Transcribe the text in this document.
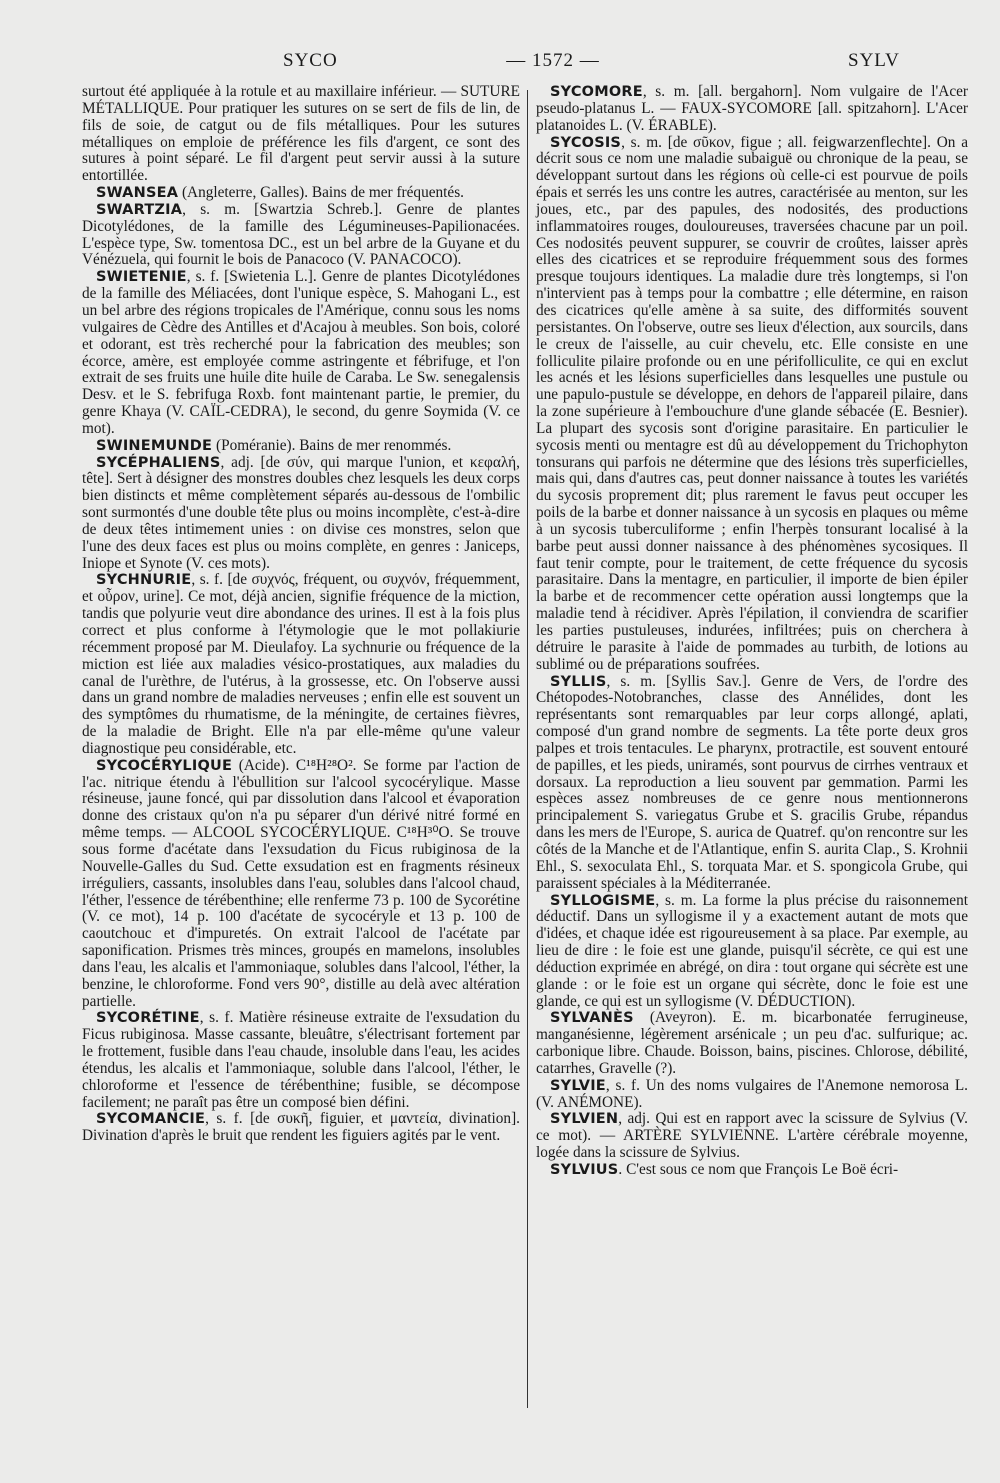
SYCO	— 1572 —	SYLV

surtout été appliquée à la rotule et au maxillaire inférieur. — SUTURE MÉTALLIQUE. Pour pratiquer les sutures on se sert de fils de lin, de fils de soie, de catgut ou de fils métalliques. Pour les sutures métalliques on emploie de préférence les fils d'argent, ce sont des sutures à point séparé. Le fil d'argent peut servir aussi à la suture entortillée.

SWANSEA (Angleterre, Galles). Bains de mer fréquentés.

SWARTZIA, s. m. [Swartzia Schreb.]. Genre de plantes Dicotylédones, de la famille des Légumineuses-Papilionacées. L'espèce type, Sw. tomentosa DC., est un bel arbre de la Guyane et du Vénézuela, qui fournit le bois de Panacoco (V. PANACOCO).

SWIETENIE, s. f. [Swietenia L.]. Genre de plantes Dicotylédones de la famille des Méliacées, dont l'unique espèce, S. Mahogani L., est un bel arbre des régions tropicales de l'Amérique, connu sous les noms vulgaires de Cèdre des Antilles et d'Acajou à meubles. Son bois, coloré et odorant, est très recherché pour la fabrication des meubles; son écorce, amère, est employée comme astringente et fébrifuge, et l'on extrait de ses fruits une huile dite huile de Caraba. Le Sw. senegalensis Desv. et le S. febrifuga Roxb. font maintenant partie, le premier, du genre Khaya (V. CAÏL-CEDRA), le second, du genre Soymida (V. ce mot).

SWINEMUNDE (Poméranie). Bains de mer renommés.

SYCÉPHALIENS, adj. [de σύν, qui marque l'union, et κεφαλή, tête]. Sert à désigner des monstres doubles chez lesquels les deux corps bien distincts et même complètement séparés au-dessous de l'ombilic sont surmontés d'une double tête plus ou moins incomplète, c'est-à-dire de deux têtes intimement unies : on divise ces monstres, selon que l'une des deux faces est plus ou moins complète, en genres : Janiceps, Iniope et Synote (V. ces mots).

SYCHNURIE, s. f. [de συχνός, fréquent, ou συχνόν, fréquemment, et οὖρον, urine]. Ce mot, déjà ancien, signifie fréquence de la miction, tandis que polyurie veut dire abondance des urines. Il est à la fois plus correct et plus conforme à l'étymologie que le mot pollakiurie récemment proposé par M. Dieulafoy. La sychnurie ou fréquence de la miction est liée aux maladies vésico-prostatiques, aux maladies du canal de l'urèthre, de l'utérus, à la grossesse, etc. On l'observe aussi dans un grand nombre de maladies nerveuses ; enfin elle est souvent un des symptômes du rhumatisme, de la méningite, de certaines fièvres, de la maladie de Bright. Elle n'a par elle-même qu'une valeur diagnostique peu considérable, etc.

SYCOCÉRYLIQUE (Acide). C¹⁸H²⁸O². Se forme par l'action de l'ac. nitrique étendu à l'ébullition sur l'alcool sycocérylique. Masse résineuse, jaune foncé, qui par dissolution dans l'alcool et évaporation donne des cristaux qu'on n'a pu séparer d'un dérivé nitré formé en même temps. — ALCOOL SYCOCÉRYLIQUE. C¹⁸H³⁰O. Se trouve sous forme d'acétate dans l'exsudation du Ficus rubiginosa de la Nouvelle-Galles du Sud. Cette exsudation est en fragments résineux irréguliers, cassants, insolubles dans l'eau, solubles dans l'alcool chaud, l'éther, l'essence de térébenthine; elle renferme 73 p. 100 de Sycorétine (V. ce mot), 14 p. 100 d'acétate de sycocéryle et 13 p. 100 de caoutchouc et d'impuretés. On extrait l'alcool de l'acétate par saponification. Prismes très minces, groupés en mamelons, insolubles dans l'eau, les alcalis et l'ammoniaque, solubles dans l'alcool, l'éther, la benzine, le chloroforme. Fond vers 90°, distille au delà avec altération partielle.

SYCORÉTINE, s. f. Matière résineuse extraite de l'exsudation du Ficus rubiginosa. Masse cassante, bleuâtre, s'électrisant fortement par le frottement, fusible dans l'eau chaude, insoluble dans l'eau, les acides étendus, les alcalis et l'ammoniaque, soluble dans l'alcool, l'éther, le chloroforme et l'essence de térébenthine; fusible, se décompose facilement; ne paraît pas être un composé bien défini.

SYCOMANCIE, s. f. [de συκῆ, figuier, et μαντεία, divination]. Divination d'après le bruit que rendent les figuiers agités par le vent.

SYCOMORE, s. m. [all. bergahorn]. Nom vulgaire de l'Acer pseudo-platanus L. — FAUX-SYCOMORE [all. spitzahorn]. L'Acer platanoides L. (V. ÉRABLE).

SYCOSIS, s. m. [de σῦκον, figue ; all. feigwarzenflechte]. On a décrit sous ce nom une maladie subaiguë ou chronique de la peau, se développant surtout dans les régions où celle-ci est pourvue de poils épais et serrés les uns contre les autres, caractérisée au menton, sur les joues, etc., par des papules, des nodosités, des productions inflammatoires rouges, douloureuses, traversées chacune par un poil. Ces nodosités peuvent suppurer, se couvrir de croûtes, laisser après elles des cicatrices et se reproduire fréquemment sous des formes presque toujours identiques. La maladie dure très longtemps, si l'on n'intervient pas à temps pour la combattre ; elle détermine, en raison des cicatrices qu'elle amène à sa suite, des difformités souvent persistantes. On l'observe, outre ses lieux d'élection, aux sourcils, dans le creux de l'aisselle, au cuir chevelu, etc. Elle consiste en une folliculite pilaire profonde ou en une périfolliculite, ce qui en exclut les acnés et les lésions superficielles dans lesquelles une pustule ou une papulo-pustule se développe, en dehors de l'appareil pilaire, dans la zone supérieure à l'embouchure d'une glande sébacée (E. Besnier). La plupart des sycosis sont d'origine parasitaire. En particulier le sycosis menti ou mentagre est dû au développement du Trichophyton tonsurans qui parfois ne détermine que des lésions très superficielles, mais qui, dans d'autres cas, peut donner naissance à toutes les variétés du sycosis proprement dit; plus rarement le favus peut occuper les poils de la barbe et donner naissance à un sycosis en plaques ou même à un sycosis tuberculiforme ; enfin l'herpès tonsurant localisé à la barbe peut aussi donner naissance à des phénomènes sycosiques. Il faut tenir compte, pour le traitement, de cette fréquence du sycosis parasitaire. Dans la mentagre, en particulier, il importe de bien épiler la barbe et de recommencer cette opération aussi longtemps que la maladie tend à récidiver. Après l'épilation, il conviendra de scarifier les parties pustuleuses, indurées, infiltrées; puis on cherchera à détruire le parasite à l'aide de pommades au turbith, de lotions au sublimé ou de préparations soufrées.

SYLLIS, s. m. [Syllis Sav.]. Genre de Vers, de l'ordre des Chétopodes-Notobranches, classe des Annélides, dont les représentants sont remarquables par leur corps allongé, aplati, composé d'un grand nombre de segments. La tête porte deux gros palpes et trois tentacules. Le pharynx, protractile, est souvent entouré de papilles, et les pieds, uniramés, sont pourvus de cirrhes ventraux et dorsaux. La reproduction a lieu souvent par gemmation. Parmi les espèces assez nombreuses de ce genre nous mentionnerons principalement S. variegatus Grube et S. gracilis Grube, répandus dans les mers de l'Europe, S. aurica de Quatref. qu'on rencontre sur les côtés de la Manche et de l'Atlantique, enfin S. aurita Clap., S. Krohnii Ehl., S. sexoculata Ehl., S. torquata Mar. et S. spongicola Grube, qui paraissent spéciales à la Méditerranée.

SYLLOGISME, s. m. La forme la plus précise du raisonnement déductif. Dans un syllogisme il y a exactement autant de mots que d'idées, et chaque idée est rigoureusement à sa place. Par exemple, au lieu de dire : le foie est une glande, puisqu'il sécrète, ce qui est une déduction exprimée en abrégé, on dira : tout organe qui sécrète est une glande : or le foie est un organe qui sécrète, donc le foie est une glande, ce qui est un syllogisme (V. DÉDUCTION).

SYLVANÈS (Aveyron). E. m. bicarbonatée ferrugineuse, manganésienne, légèrement arsénicale ; un peu d'ac. sulfurique; ac. carbonique libre. Chaude. Boisson, bains, piscines. Chlorose, débilité, catarrhes, Gravelle (?).

SYLVIE, s. f. Un des noms vulgaires de l'Anemone nemorosa L. (V. ANÉMONE).

SYLVIEN, adj. Qui est en rapport avec la scissure de Sylvius (V. ce mot). — ARTÈRE SYLVIENNE. L'artère cérébrale moyenne, logée dans la scissure de Sylvius.

SYLVIUS. C'est sous ce nom que François Le Boë écri-
